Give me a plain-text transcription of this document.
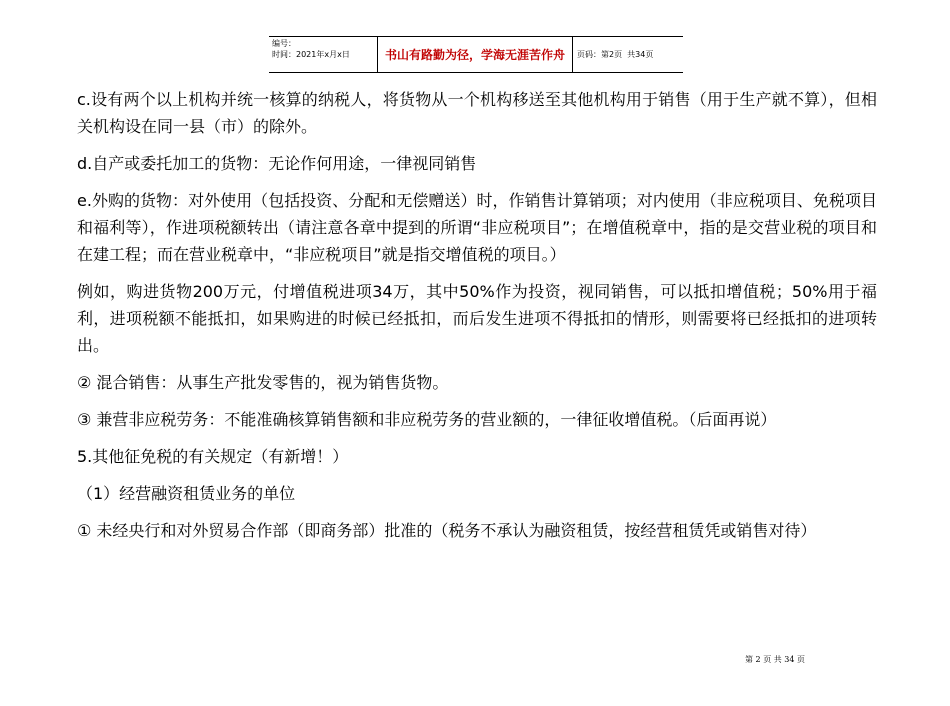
编号：
时间：2021年x月x日	书山有路勤为径，学海无涯苦作舟	页码：第2页  共34页

c.设有两个以上机构并统一核算的纳税人，将货物从一个机构移送至其他机构用于销售（用于生产就不算），但相关机构设在同一县（市）的除外。

d.自产或委托加工的货物：无论作何用途，一律视同销售

e.外购的货物：对外使用（包括投资、分配和无偿赠送）时，作销售计算销项；对内使用（非应税项目、免税项目和福利等），作进项税额转出（请注意各章中提到的所谓“非应税项目”；在增值税章中，指的是交营业税的项目和在建工程；而在营业税章中，“非应税项目”就是指交增值税的项目。）

例如，购进货物200万元，付增值税进项34万，其中50%作为投资，视同销售，可以抵扣增值税；50%用于福利，进项税额不能抵扣，如果购进的时候已经抵扣，而后发生进项不得抵扣的情形，则需要将已经抵扣的进项转出。

② 混合销售：从事生产批发零售的，视为销售货物。

③ 兼营非应税劳务：不能准确核算销售额和非应税劳务的营业额的，一律征收增值税。（后面再说）

5.其他征免税的有关规定（有新增！）

（1）经营融资租赁业务的单位

① 未经央行和对外贸易合作部（即商务部）批准的（税务不承认为融资租赁，按经营租赁凭或销售对待）

第 2 页 共 34 页
